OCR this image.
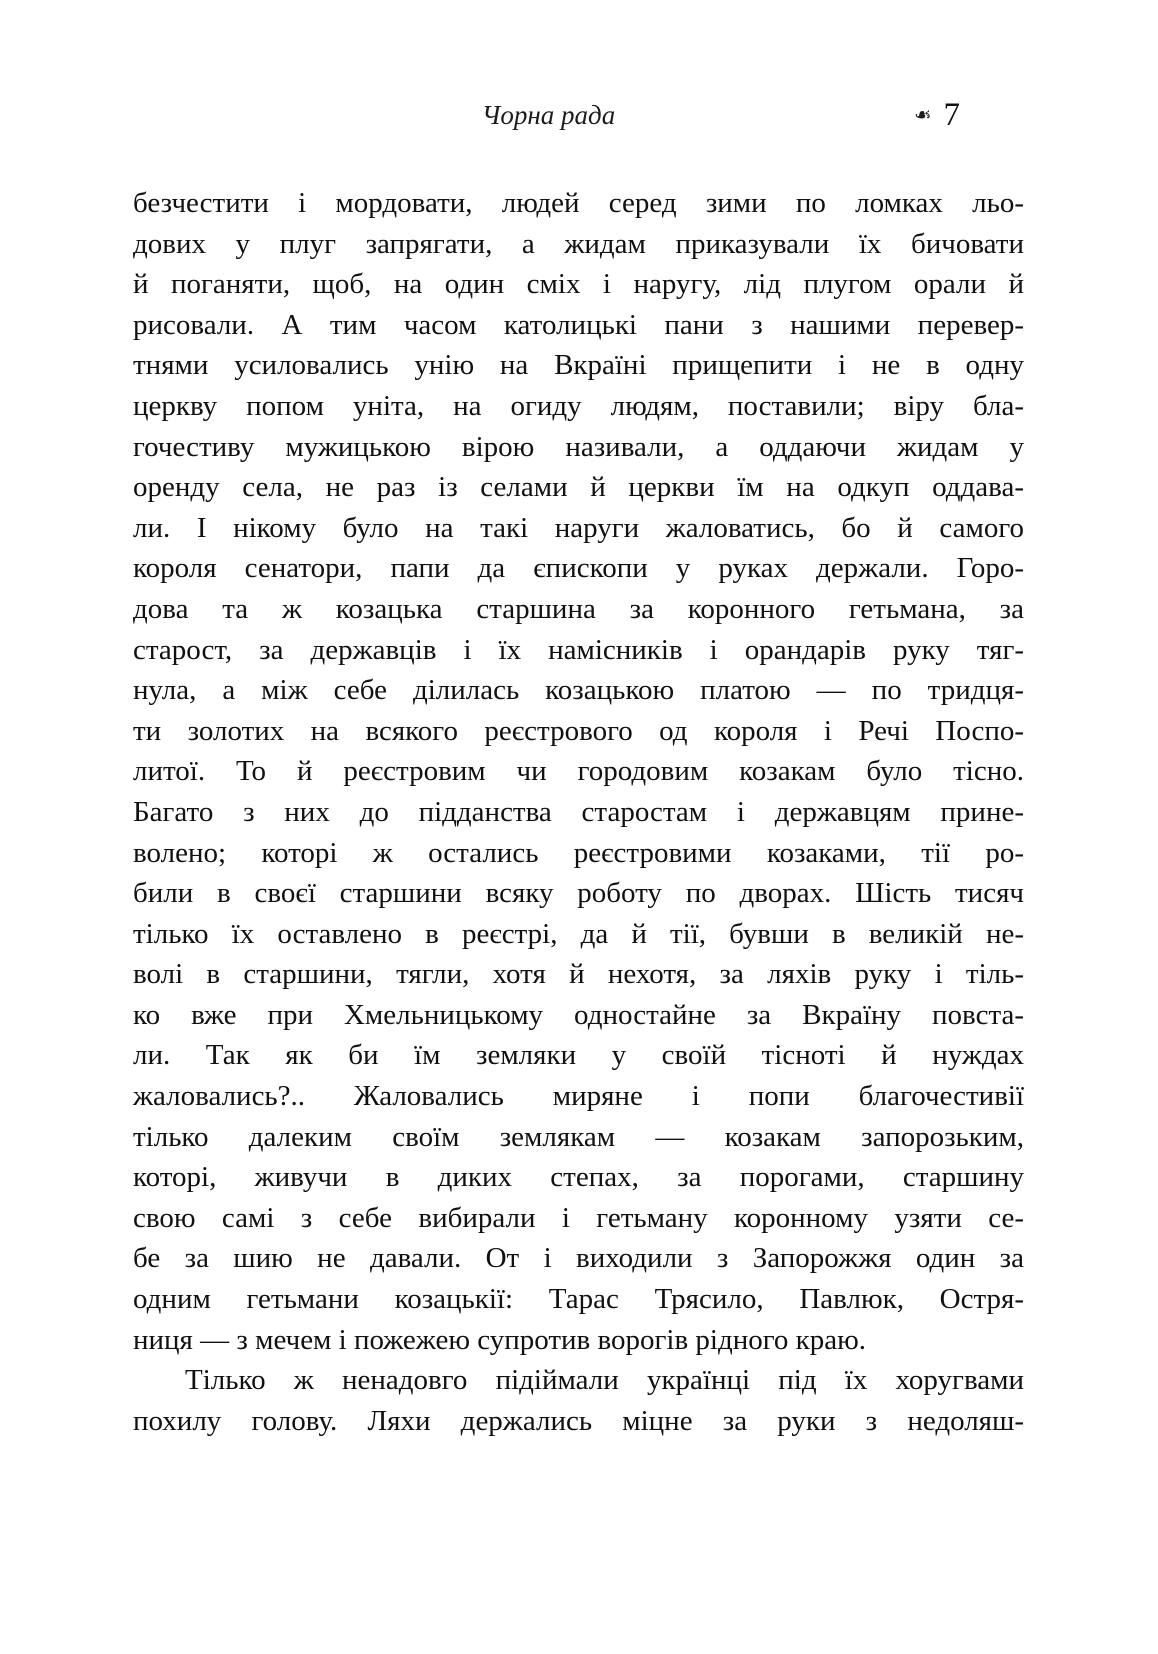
Чорна рада	❧ 7
безчестити і мордовати, людей серед зими по ломках льо-
дових у плуг запрягати, а жидам приказували їх бичовати
й поганяти, щоб, на один сміх і наругу, лід плугом орали й
рисовали. А тим часом католицькі пани з нашими перевер-
тнями усиловались унію на Вкраїні прищепити і не в одну
церкву попом уніта, на огиду людям, поставили; віру бла-
гочестиву мужицькою вірою називали, а оддаючи жидам у
оренду села, не раз із селами й церкви їм на одкуп оддава-
ли. І нікому було на такі наруги жаловатись, бо й самого
короля сенатори, папи да єпископи у руках держали. Горо-
дова та ж козацька старшина за коронного гетьмана, за
старост, за державців і їх намісників і орандарів руку тяг-
нула, а між себе ділилась козацькою платою — по тридця-
ти золотих на всякого реєстрового од короля і Речі Поспо-
литої. То й реєстровим чи городовим козакам було тісно.
Багато з них до підданства старостам і державцям прине-
волено; которі ж остались реєстровими козаками, тії ро-
били в своєї старшини всяку роботу по дворах. Шість тисяч
тілько їх оставлено в реєстрі, да й тії, бувши в великій не-
волі в старшини, тягли, хотя й нехотя, за ляхів руку і тіль-
ко вже при Хмельницькому одностайне за Вкраїну повста-
ли. Так як би їм земляки у своїй тісноті й нуждах
жаловались?.. Жаловались миряне і попи благочестивії
тілько далеким своїм землякам — козакам запорозьким,
которі, живучи в диких степах, за порогами, старшину
свою самі з себе вибирали і гетьману коронному узяти се-
бе за шию не давали. От і виходили з Запорожжя один за
одним гетьмани козацькії: Тарас Трясило, Павлюк, Остря-
ниця — з мечем і пожежею супротив ворогів рідного краю.
Тілько ж ненадовго підіймали українці під їх хоругвами
похилу голову. Ляхи держались міцне за руки з недоляш-
